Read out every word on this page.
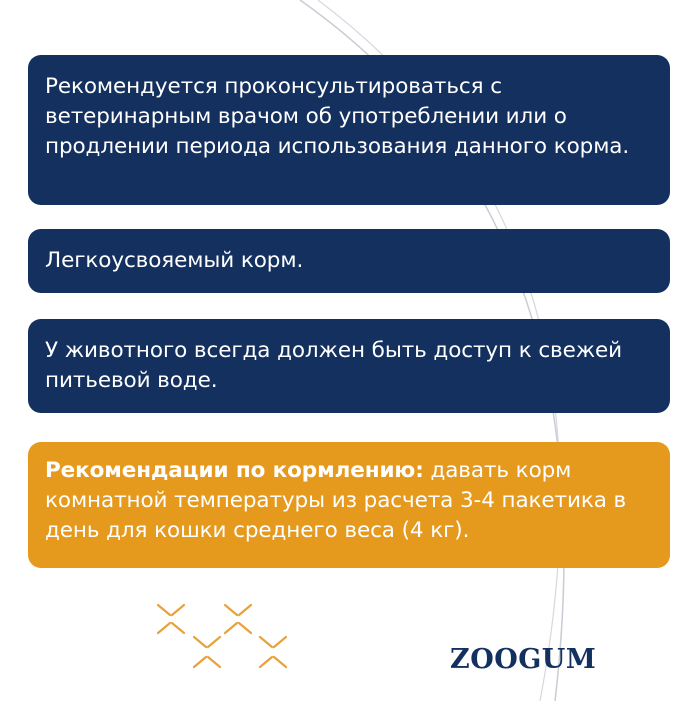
Рекомендуется проконсультироваться с ветеринарным врачом об употреблении или о продлении периода использования данного корма.

Легкоусвояемый корм.

У животного всегда должен быть доступ к свежей питьевой воде.

Рекомендации по кормлению: давать корм комнатной температуры из расчета 3-4 пакетика в день для кошки среднего веса (4 кг).

ZOOGUM
